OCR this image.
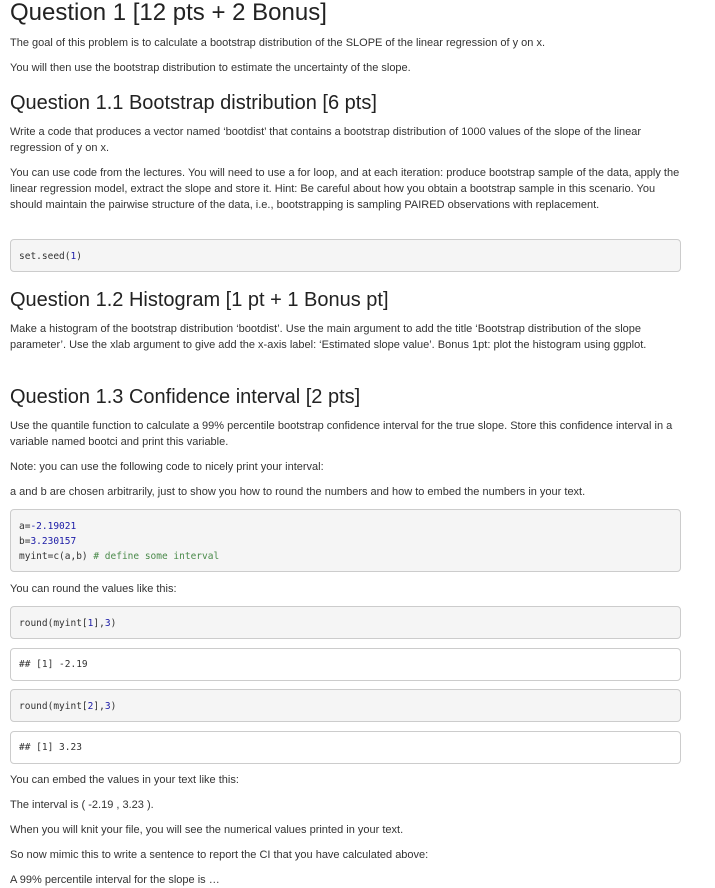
Question 1 [12 pts + 2 Bonus]

The goal of this problem is to calculate a bootstrap distribution of the SLOPE of the linear regression of y on x.

You will then use the bootstrap distribution to estimate the uncertainty of the slope.

Question 1.1 Bootstrap distribution [6 pts]

Write a code that produces a vector named ‘bootdist’ that contains a bootstrap distribution of 1000 values of the slope of the linear regression of y on x.

You can use code from the lectures. You will need to use a for loop, and at each iteration: produce bootstrap sample of the data, apply the linear regression model, extract the slope and store it. Hint: Be careful about how you obtain a bootstrap sample in this scenario. You should maintain the pairwise structure of the data, i.e., bootstrapping is sampling PAIRED observations with replacement.

set.seed(1)
Question 1.2 Histogram [1 pt + 1 Bonus pt]

Make a histogram of the bootstrap distribution ‘bootdist’. Use the main argument to add the title ‘Bootstrap distribution of the slope parameter’. Use the xlab argument to give add the x-axis label: ‘Estimated slope value’. Bonus 1pt: plot the histogram using ggplot.

Question 1.3 Confidence interval [2 pts]

Use the quantile function to calculate a 99% percentile bootstrap confidence interval for the true slope. Store this confidence interval in a variable named bootci and print this variable.

Note: you can use the following code to nicely print your interval:

a and b are chosen arbitrarily, just to show you how to round the numbers and how to embed the numbers in your text.

a=-2.19021
b=3.230157
myint=c(a,b) # define some interval

You can round the values like this:

round(myint[1],3)
## [1] -2.19
round(myint[2],3)
## [1] 3.23

You can embed the values in your text like this:

The interval is ( -2.19 , 3.23 ).

When you will knit your file, you will see the numerical values printed in your text.

So now mimic this to write a sentence to report the CI that you have calculated above:

A 99% percentile interval for the slope is …
